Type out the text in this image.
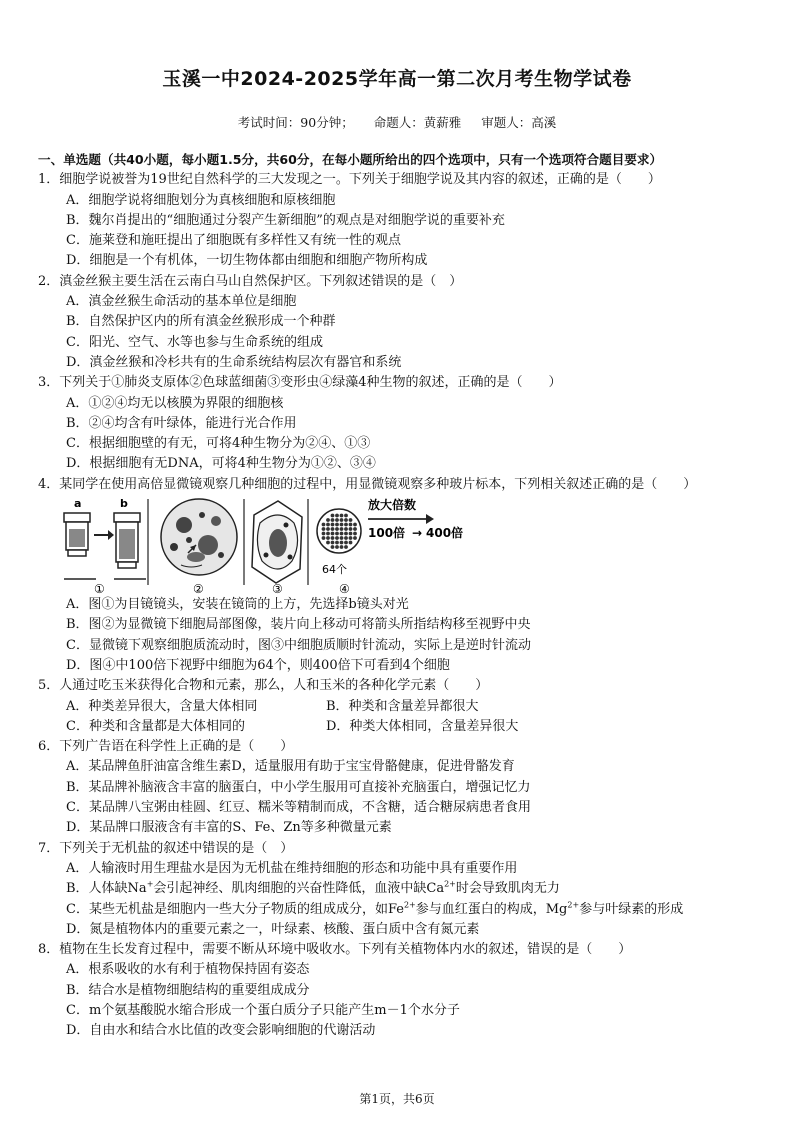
玉溪一中2024-2025学年高一第二次月考生物学试卷
考试时间：90分钟； 命题人：黄薪雅 审题人：高溪
一、单选题（共40小题，每小题1.5分，共60分，在每小题所给出的四个选项中，只有一个选项符合题目要求）
1．细胞学说被誉为19世纪自然科学的三大发现之一。下列关于细胞学说及其内容的叙述，正确的是（　　）
A．细胞学说将细胞划分为真核细胞和原核细胞
B．魏尔肖提出的“细胞通过分裂产生新细胞”的观点是对细胞学说的重要补充
C．施莱登和施旺提出了细胞既有多样性又有统一性的观点
D．细胞是一个有机体，一切生物体都由细胞和细胞产物所构成
2．滇金丝猴主要生活在云南白马山自然保护区。下列叙述错误的是（　）
A．滇金丝猴生命活动的基本单位是细胞
B．自然保护区内的所有滇金丝猴形成一个种群
C．阳光、空气、水等也参与生命系统的组成
D．滇金丝猴和冷杉共有的生命系统结构层次有器官和系统
3．下列关于①肺炎支原体②色球蓝细菌③变形虫④绿藻4种生物的叙述，正确的是（　　）
A．①②④均无以核膜为界限的细胞核
B．②④均含有叶绿体，能进行光合作用
C．根据细胞壁的有无，可将4种生物分为②④、①③
D．根据细胞有无DNA，可将4种生物分为①②、③④
4．某同学在使用高倍显微镜观察几种细胞的过程中，用显微镜观察多种玻片标本，下列相关叙述正确的是（　　）
a	b
①	②	③
64个
放大倍数
100倍 → 400倍
④
A．图①为目镜镜头，安装在镜筒的上方，先选择b镜头对光
B．图②为显微镜下细胞局部图像，装片向上移动可将箭头所指结构移至视野中央
C．显微镜下观察细胞质流动时，图③中细胞质顺时针流动，实际上是逆时针流动
D．图④中100倍下视野中细胞为64个，则400倍下可看到4个细胞
5．人通过吃玉米获得化合物和元素，那么，人和玉米的各种化学元素（　　）
A．种类差异很大，含量大体相同	B．种类和含量差异都很大
C．种类和含量都是大体相同的	D．种类大体相同，含量差异很大
6．下列广告语在科学性上正确的是（　　）
A．某品牌鱼肝油富含维生素D，适量服用有助于宝宝骨骼健康，促进骨骼发育
B．某品牌补脑液含丰富的脑蛋白，中小学生服用可直接补充脑蛋白，增强记忆力
C．某品牌八宝粥由桂圆、红豆、糯米等精制而成，不含糖，适合糖尿病患者食用
D．某品牌口服液含有丰富的S、Fe、Zn等多种微量元素
7．下列关于无机盐的叙述中错误的是（　）
A．人输液时用生理盐水是因为无机盐在维持细胞的形态和功能中具有重要作用
B．人体缺Na+会引起神经、肌肉细胞的兴奋性降低，血液中缺$Ca^{2+}$时会导致肌肉无力
C．某些无机盐是细胞内一些大分子物质的组成成分，如$Fe^{2+}$参与血红蛋白的构成，$Mg^{2+}$参与叶绿素的形成
D．氮是植物体内的重要元素之一，叶绿素、核酸、蛋白质中含有氮元素
8．植物在生长发育过程中，需要不断从环境中吸收水。下列有关植物体内水的叙述，错误的是（　　）
A．根系吸收的水有利于植物保持固有姿态
B．结合水是植物细胞结构的重要组成成分
C．m个氨基酸脱水缩合形成一个蛋白质分子只能产生m－1个水分子
D．自由水和结合水比值的改变会影响细胞的代谢活动
第1页，共6页
